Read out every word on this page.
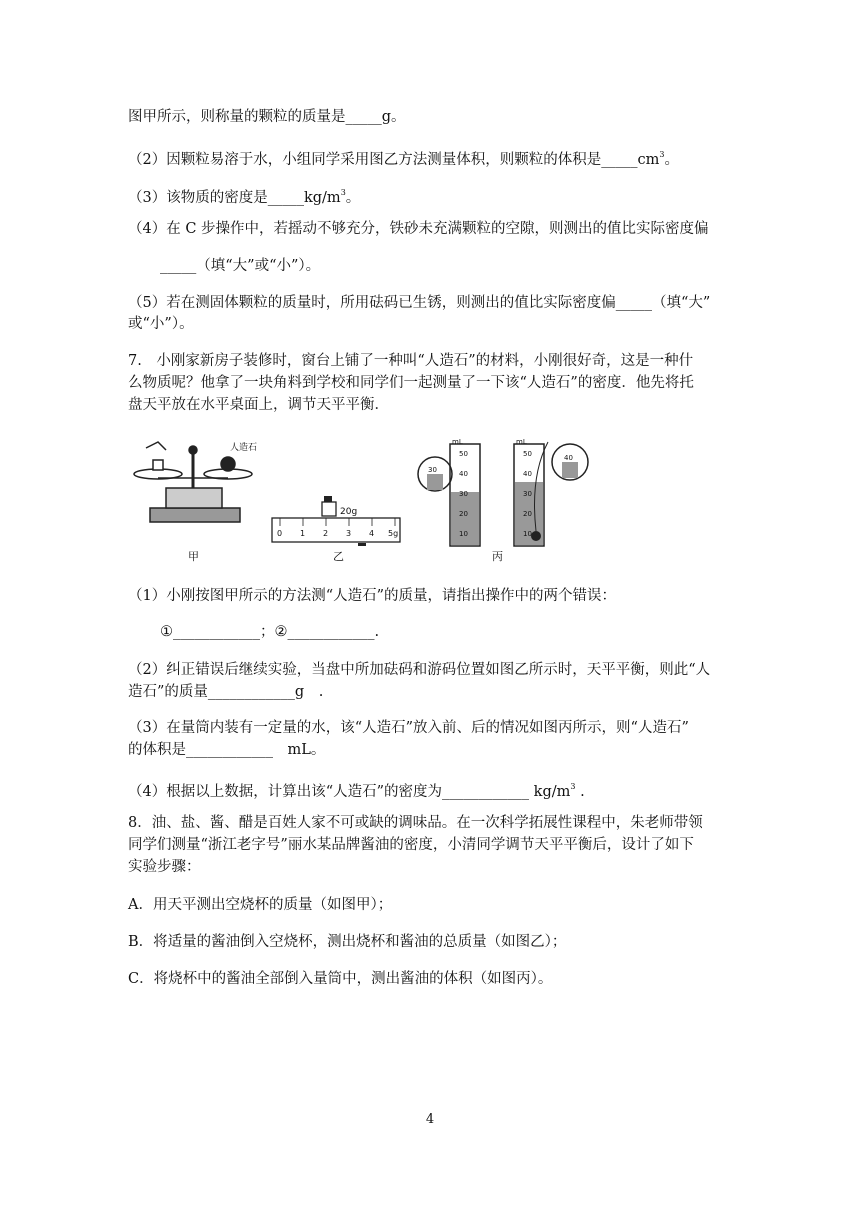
图甲所示，则称量的颗粒的质量是_____g。
（2）因颗粒易溶于水，小组同学采用图乙方法测量体积，则颗粒的体积是$\_\_\_\_\_cm^3$。
（3）该物质的密度是$\_\_\_\_\_kg/m^3$。
（4）在 C 步操作中，若摇动不够充分，铁砂未充满颗粒的空隙，则测出的值比实际密度偏
_____（填“大”或“小”）。
（5）若在测固体颗粒的质量时，所用砝码已生锈，则测出的值比实际密度偏_____（填“大”
或“小”）。
7.　小刚家新房子装修时，窗台上铺了一种叫“人造石”的材料，小刚很好奇，这是一种什
么物质呢？他拿了一块角料到学校和同学们一起测量了一下该“人造石”的密度．他先将托
盘天平放在水平桌面上，调节天平平衡．
人造石
甲
20g
0 1 2 3 4 5g
乙
mL
50
40
30
20
10
mL
50
40
30
20
10
30
40
丙
（1）小刚按图甲所示的方法测“人造石”的质量，请指出操作中的两个错误：
①____________；②____________.
（2）纠正错误后继续实验，当盘中所加砝码和游码位置如图乙所示时，天平平衡，则此“人
造石”的质量____________g　.
（3）在量筒内装有一定量的水，该“人造石”放入前、后的情况如图丙所示，则“人造石”
的体积是____________　mL。
（4）根据以上数据，计算出该“人造石”的密度为____________ $kg/m^3$ .
8．油、盐、酱、醋是百姓人家不可或缺的调味品。在一次科学拓展性课程中，朱老师带领
同学们测量“浙江老字号”丽水某品牌酱油的密度，小清同学调节天平平衡后，设计了如下
实验步骤：
A．用天平测出空烧杯的质量（如图甲）；
B．将适量的酱油倒入空烧杯，测出烧杯和酱油的总质量（如图乙）；
C．将烧杯中的酱油全部倒入量筒中，测出酱油的体积（如图丙）。
4
